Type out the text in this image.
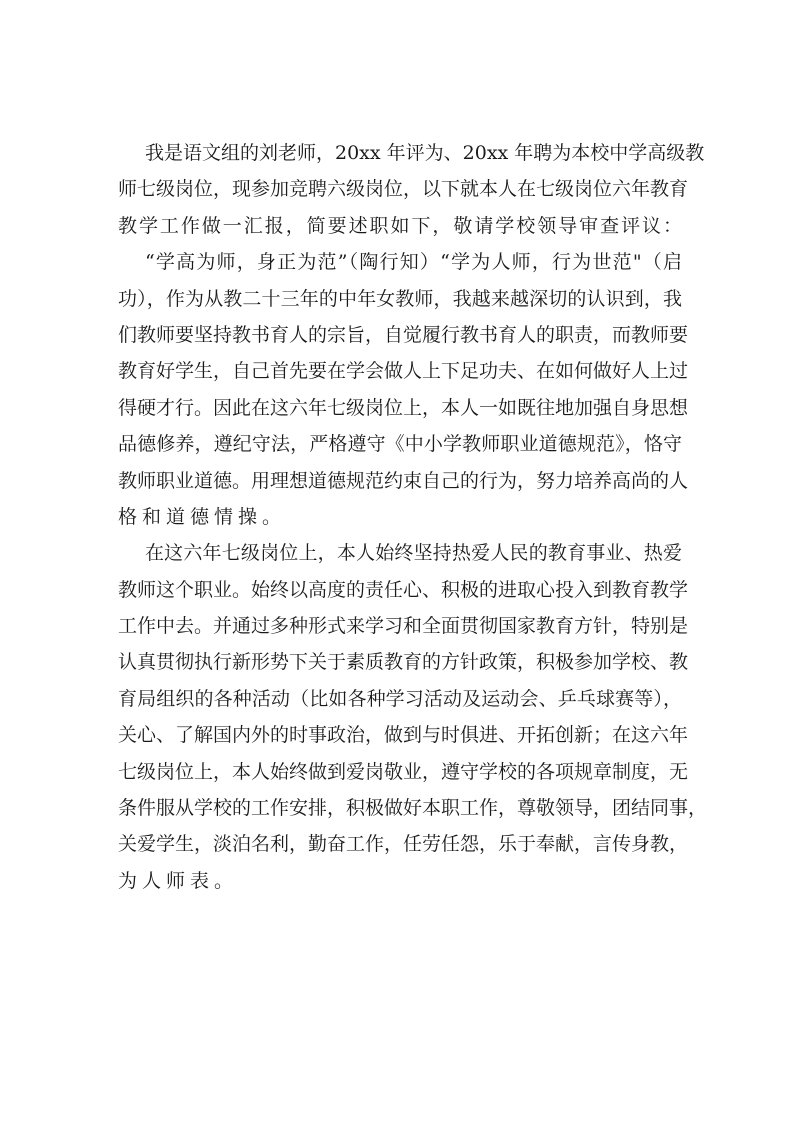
我是语文组的刘老师，20xx 年评为、20xx 年聘为本校中学高级教
师七级岗位，现参加竞聘六级岗位，以下就本人在七级岗位六年教育
教学工作做一汇报，简要述职如下，敬请学校领导审查评议：
“学高为师，身正为范”（陶行知）“学为人师，行为世范"（启
功），作为从教二十三年的中年女教师，我越来越深切的认识到，我
们教师要坚持教书育人的宗旨，自觉履行教书育人的职责，而教师要
教育好学生，自己首先要在学会做人上下足功夫、在如何做好人上过
得硬才行。因此在这六年七级岗位上，本人一如既往地加强自身思想
品德修养，遵纪守法，严格遵守《中小学教师职业道德规范》，恪守
教师职业道德。用理想道德规范约束自己的行为，努力培养高尚的人
格和道德情操。
在这六年七级岗位上，本人始终坚持热爱人民的教育事业、热爱
教师这个职业。始终以高度的责任心、积极的进取心投入到教育教学
工作中去。并通过多种形式来学习和全面贯彻国家教育方针，特别是
认真贯彻执行新形势下关于素质教育的方针政策，积极参加学校、教
育局组织的各种活动（比如各种学习活动及运动会、乒乓球赛等），
关心、了解国内外的时事政治，做到与时俱进、开拓创新；在这六年
七级岗位上，本人始终做到爱岗敬业，遵守学校的各项规章制度，无
条件服从学校的工作安排，积极做好本职工作，尊敬领导，团结同事，
关爱学生，淡泊名利，勤奋工作，任劳任怨，乐于奉献，言传身教，
为人师表。
